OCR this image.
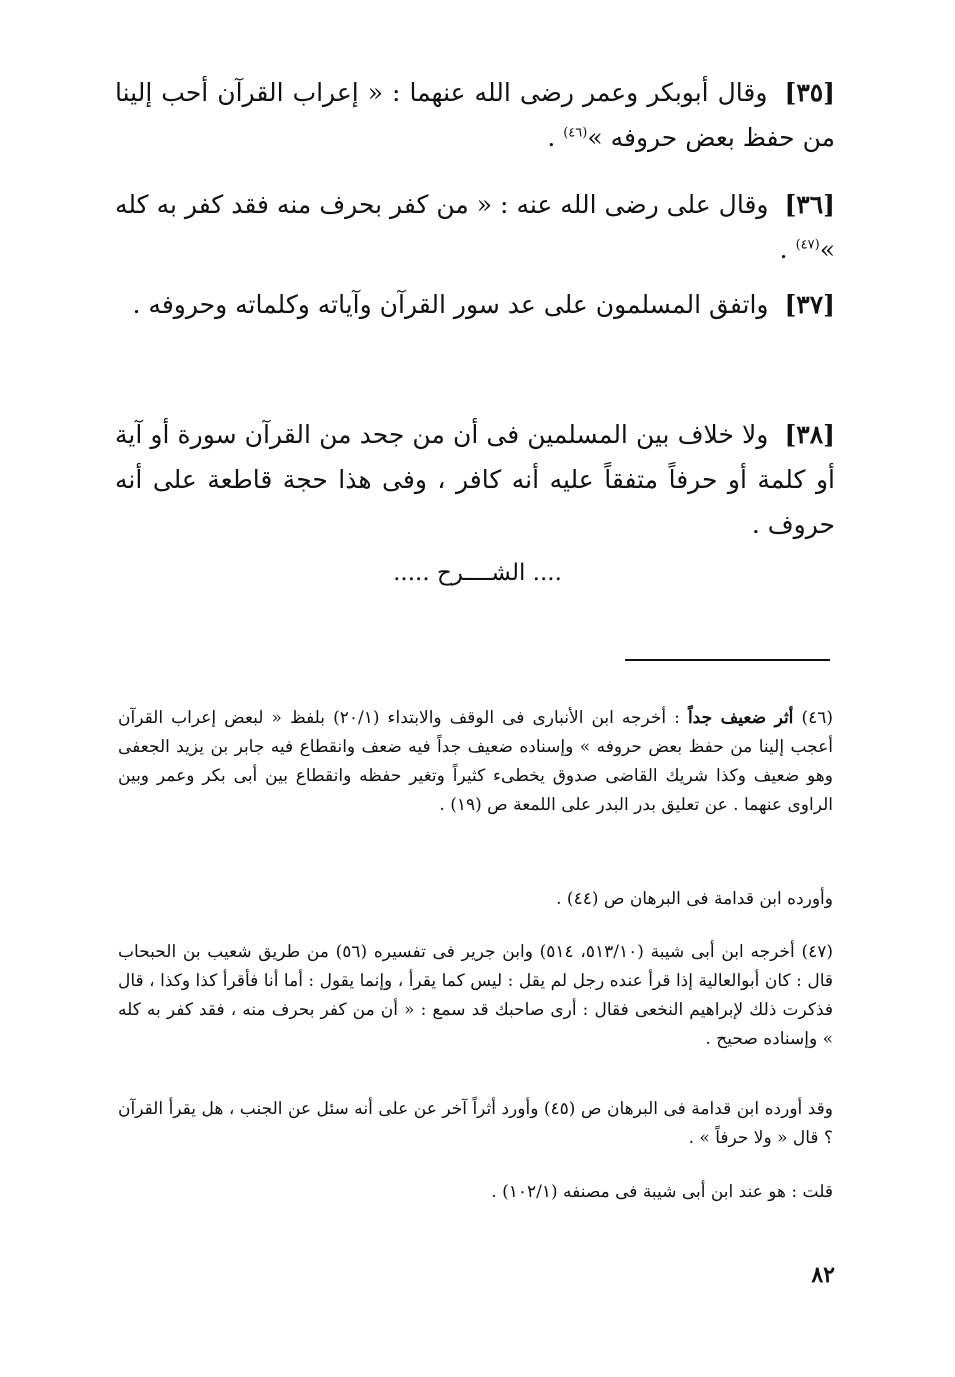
[٣٥] وقال أبوبكر وعمر رضى الله عنهما : « إعراب القرآن أحب إلينا من حفظ بعض حروفه »$^{(٤٦)}$ .
[٣٦] وقال على رضى الله عنه : « من كفر بحرف منه فقد كفر به كله »$^{(٤٧)}$ .
[٣٧] واتفق المسلمون على عد سور القرآن وآياته وكلماته وحروفه .
[٣٨] ولا خلاف بين المسلمين فى أن من جحد من القرآن سورة أو آية أو كلمة أو حرفاً متفقاً عليه أنه كافر ، وفى هذا حجة قاطعة على أنه حروف .
.... الشــــرح .....
(٤٦) أثر ضعيف جداً : أخرجه ابن الأنبارى فى الوقف والابتداء (٢٠/١) بلفظ « لبعض إعراب القرآن أعجب إلينا من حفظ بعض حروفه » وإسناده ضعيف جداً فيه ضعف وانقطاع فيه جابر بن يزيد الجعفى وهو ضعيف وكذا شريك القاضى صدوق يخطىء كثيراً وتغير حفظه وانقطاع بين أبى بكر وعمر وبين الراوى عنهما . عن تعليق بدر البدر على اللمعة ص (١٩) .
وأورده ابن قدامة فى البرهان ص (٤٤) .
(٤٧) أخرجه ابن أبى شيبة (٥١٣/١٠، ٥١٤) وابن جرير فى تفسيره (٥٦) من طريق شعيب بن الحبحاب قال : كان أبوالعالية إذا قرأ عنده رجل لم يقل : ليس كما يقرأ ، وإنما يقول : أما أنا فأقرأ كذا وكذا ، قال فذكرت ذلك لإبراهيم النخعى فقال : أرى صاحبك قد سمع : « أن من كفر بحرف منه ، فقد كفر به كله » وإسناده صحيح .
وقد أورده ابن قدامة فى البرهان ص (٤٥) وأورد أثراً آخر عن على أنه سئل عن الجنب ، هل يقرأ القرآن ؟ قال « ولا حرفاً » .
قلت : هو عند ابن أبى شيبة فى مصنفه (١٠٢/١) .
٨٢
